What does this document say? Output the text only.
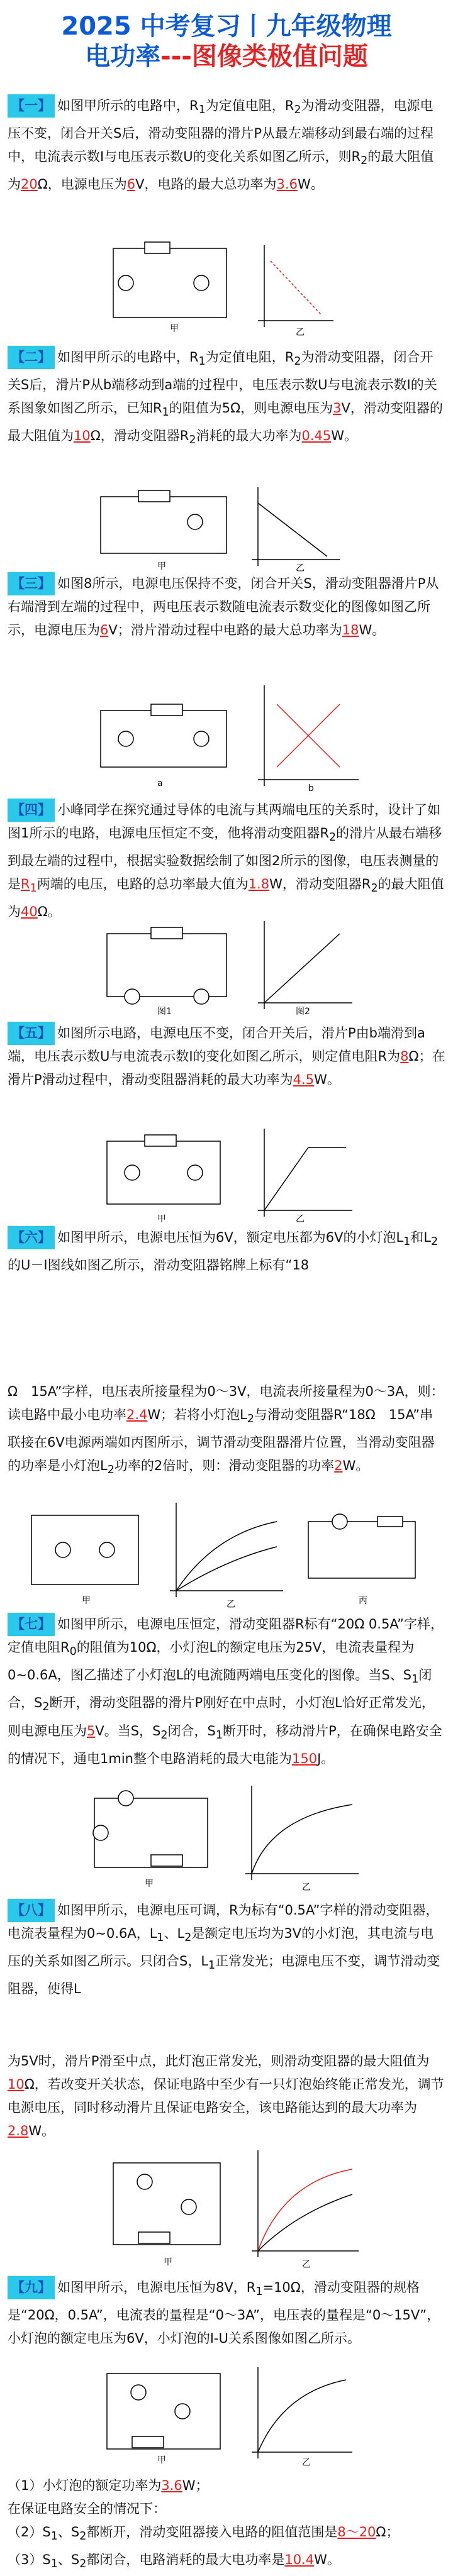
2025 中考复习丨九年级物理
电功率---图像类极值问题
【一】 如图甲所示的电路中，$R_1$为定值电阻，$R_2$为滑动变阻器，电源电压不变，闭合开关S后，滑动变阻器的滑片P从最左端移动到最右端的过程中，电流表示数I与电压表示数U的变化关系如图乙所示，则$R_2$的最大阻值为20Ω，电源电压为6V，电路的最大总功率为3.6W。
甲	乙
【二】 如图甲所示的电路中，$R_1$为定值电阻，$R_2$为滑动变阻器，闭合开关S后，滑片P从b端移动到a端的过程中，电压表示数U与电流表示数I的关系图象如图乙所示，已知$R_1$的阻值为5Ω，则电源电压为3V，滑动变阻器的最大阻值为10Ω，滑动变阻器$R_2$消耗的最大功率为0.45W。
甲	乙
【三】 如图8所示，电源电压保持不变，闭合开关S，滑动变阻器滑片P从右端滑到左端的过程中，两电压表示数随电流表示数变化的图像如图乙所示，电源电压为6V；滑片滑动过程中电路的最大总功率为18W。
a	b
【四】 小峰同学在探究通过导体的电流与其两端电压的关系时，设计了如图1所示的电路，电源电压恒定不变，他将滑动变阻器$R_2$的滑片从最右端移到最左端的过程中，根据实验数据绘制了如图2所示的图像，电压表测量的是$R_1$两端的电压，电路的总功率最大值为1.8W，滑动变阻器$R_2$的最大阻值为40Ω。
图1	图2
【五】 如图所示电路，电源电压不变，闭合开关后，滑片P由b端滑到a端，电压表示数U与电流表示数I的变化如图乙所示，则定值电阻R为8Ω；在滑片P滑动过程中，滑动变阻器消耗的最大功率为4.5W。
甲	乙
【六】 如图甲所示，电源电压恒为6V，额定电压都为6V的小灯泡$L_1$和$L_2$的U－I图线如图乙所示，滑动变阻器铭牌上标有“18
Ω　15A”字样，电压表所接量程为0～3V，电流表所接量程为0～3A，则：读电路中最小电功率2.4W；若将小灯泡$L_2$与滑动变阻器R“18Ω　15A”串联接在6V电源两端如丙图所示，调节滑动变阻器滑片位置，当滑动变阻器的功率是小灯泡$L_2$功率的2倍时，则：滑动变阻器的功率2W。
甲	乙	丙
【七】 如图甲所示，电源电压恒定，滑动变阻器R标有“20Ω 0.5A”字样，定值电阻$R_0$的阻值为10Ω，小灯泡L的额定电压为25V，电流表量程为0~0.6A，图乙描述了小灯泡L的电流随两端电压变化的图像。当S、$S_1$闭合，$S_2$断开，滑动变阻器的滑片P刚好在中点时，小灯泡L恰好正常发光，则电源电压为5V。当S，$S_2$闭合，$S_1$断开时，移动滑片P，在确保电路安全的情况下，通电1min整个电路消耗的最大电能为150J。
甲	乙
【八】 如图甲所示，电源电压可调，R为标有“0.5A”字样的滑动变阻器，电流表量程为0~0.6A，$L_1$、$L_2$是额定电压均为3V的小灯泡，其电流与电压的关系如图乙所示。只闭合S，$L_1$正常发光；电源电压不变，调节滑动变阻器，使得L
为5V时，滑片P滑至中点，此灯泡正常发光，则滑动变阻器的最大阻值为10Ω，若改变开关状态，保证电路中至少有一只灯泡始终能正常发光，调节电源电压，同时移动滑片且保证电路安全，该电路能达到的最大功率为2.8W。
甲	乙
【九】 如图甲所示，电源电压恒为8V，$R_1=10\Omega$，滑动变阻器的规格是“20Ω，0.5A”，电流表的量程是“0～3A”，电压表的量程是“0～15V”，小灯泡的额定电压为6V，小灯泡的I-U关系图像如图乙所示。
甲	乙
（1）小灯泡的额定功率为3.6W；
在保证电路安全的情况下：
$(2)S_1$、$S_2$都断开，滑动变阻器接入电路的阻值范围是8～20Ω；
$(3)S_1$、$S_2$都闭合，电路消耗的最大电功率是10.4W。
